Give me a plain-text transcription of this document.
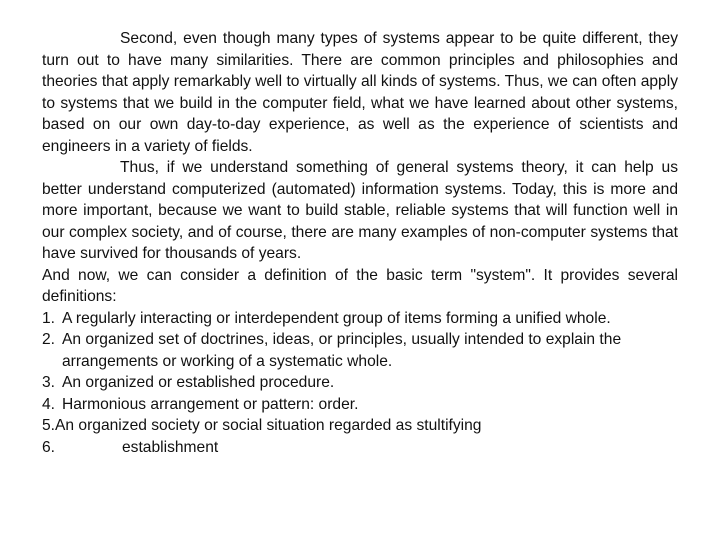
Second, even though many types of systems appear to be quite different, they turn out to have many similarities. There are common principles and philosophies and theories that apply remarkably well to virtually all kinds of systems. Thus, we can often apply to systems that we build in the computer field, what we have learned about other systems, based on our own day-to-day experience, as well as the experience of scientists and engineers in a variety of fields.

Thus, if we understand something of general systems theory, it can help us better understand computerized (automated) information systems. Today, this is more and more important, because we want to build stable, reliable systems that will function well in our complex society, and of course, there are many examples of non-computer systems that have survived for thousands of years.

And now, we can consider a definition of the basic term "system". It provides several definitions:

1. A regularly interacting or interdependent group of items forming a unified whole.
2. An organized set of doctrines, ideas, or principles, usually intended to explain the arrangements or working of a systematic whole.
3. An organized or established procedure.
4. Harmonious arrangement or pattern: order.
5.An organized society or social situation regarded as stultifying
6.	establishment
